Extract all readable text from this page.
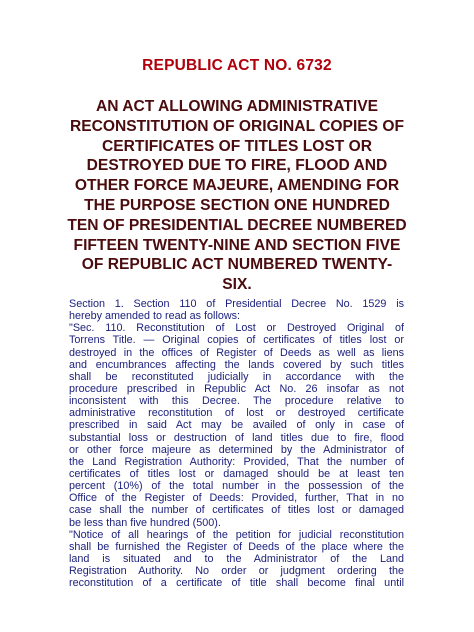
REPUBLIC ACT NO. 6732
AN ACT ALLOWING ADMINISTRATIVE
RECONSTITUTION OF ORIGINAL COPIES OF
CERTIFICATES OF TITLES LOST OR
DESTROYED DUE TO FIRE, FLOOD AND
OTHER FORCE MAJEURE, AMENDING FOR
THE PURPOSE SECTION ONE HUNDRED
TEN OF PRESIDENTIAL DECREE NUMBERED
FIFTEEN TWENTY-NINE AND SECTION FIVE
OF REPUBLIC ACT NUMBERED TWENTY-
SIX.
Section 1. Section 110 of Presidential Decree No. 1529 is
hereby amended to read as follows:
"Sec. 110. Reconstitution of Lost or Destroyed Original of
Torrens Title. — Original copies of certificates of titles lost or
destroyed in the offices of Register of Deeds as well as liens
and encumbrances affecting the lands covered by such titles
shall be reconstituted judicially in accordance with the
procedure prescribed in Republic Act No. 26 insofar as not
inconsistent with this Decree. The procedure relative to
administrative reconstitution of lost or destroyed certificate
prescribed in said Act may be availed of only in case of
substantial loss or destruction of land titles due to fire, flood
or other force majeure as determined by the Administrator of
the Land Registration Authority: Provided, That the number of
certificates of titles lost or damaged should be at least ten
percent (10%) of the total number in the possession of the
Office of the Register of Deeds: Provided, further, That in no
case shall the number of certificates of titles lost or damaged
be less than five hundred (500).
"Notice of all hearings of the petition for judicial reconstitution
shall be furnished the Register of Deeds of the place where the
land is situated and to the Administrator of the Land
Registration Authority. No order or judgment ordering the
reconstitution of a certificate of title shall become final until
